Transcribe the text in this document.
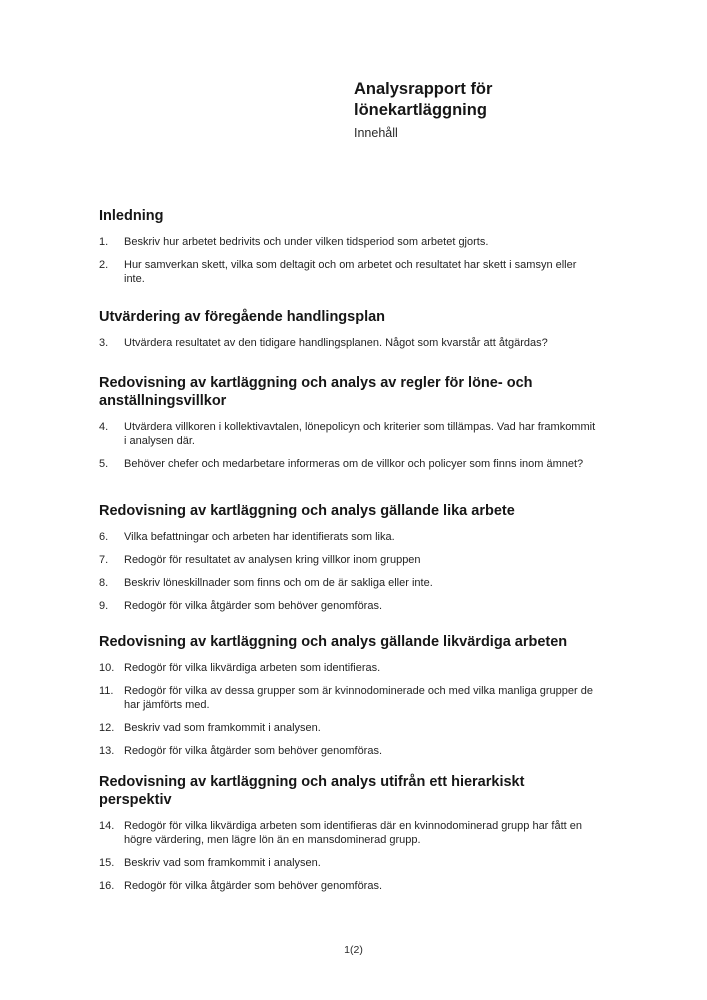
Analysrapport för
lönekartläggning
Innehåll
Inledning
1.	Beskriv hur arbetet bedrivits och under vilken tidsperiod som arbetet gjorts.
2.	Hur samverkan skett, vilka som deltagit och om arbetet och resultatet har skett i samsyn eller inte.
Utvärdering av föregående handlingsplan
3.	Utvärdera resultatet av den tidigare handlingsplanen. Något som kvarstår att åtgärdas?
Redovisning av kartläggning och analys av regler för löne- och anställningsvillkor
4.	Utvärdera villkoren i kollektivavtalen, lönepolicyn och kriterier som tillämpas. Vad har framkommit i analysen där.
5.	Behöver chefer och medarbetare informeras om de villkor och policyer som finns inom ämnet?
Redovisning av kartläggning och analys gällande lika arbete
6.	Vilka befattningar och arbeten har identifierats som lika.
7.	Redogör för resultatet av analysen kring villkor inom gruppen
8.	Beskriv löneskillnader som finns och om de är sakliga eller inte.
9.	Redogör för vilka åtgärder som behöver genomföras.
Redovisning av kartläggning och analys gällande likvärdiga arbeten
10. Redogör för vilka likvärdiga arbeten som identifieras.
11. Redogör för vilka av dessa grupper som är kvinnodominerade och med vilka manliga grupper de har jämförts med.
12. Beskriv vad som framkommit i analysen.
13. Redogör för vilka åtgärder som behöver genomföras.
Redovisning av kartläggning och analys utifrån ett hierarkiskt perspektiv
14. Redogör för vilka likvärdiga arbeten som identifieras där en kvinnodominerad grupp har fått en högre värdering, men lägre lön än en mansdominerad grupp.
15. Beskriv vad som framkommit i analysen.
16. Redogör för vilka åtgärder som behöver genomföras.
1(2)
